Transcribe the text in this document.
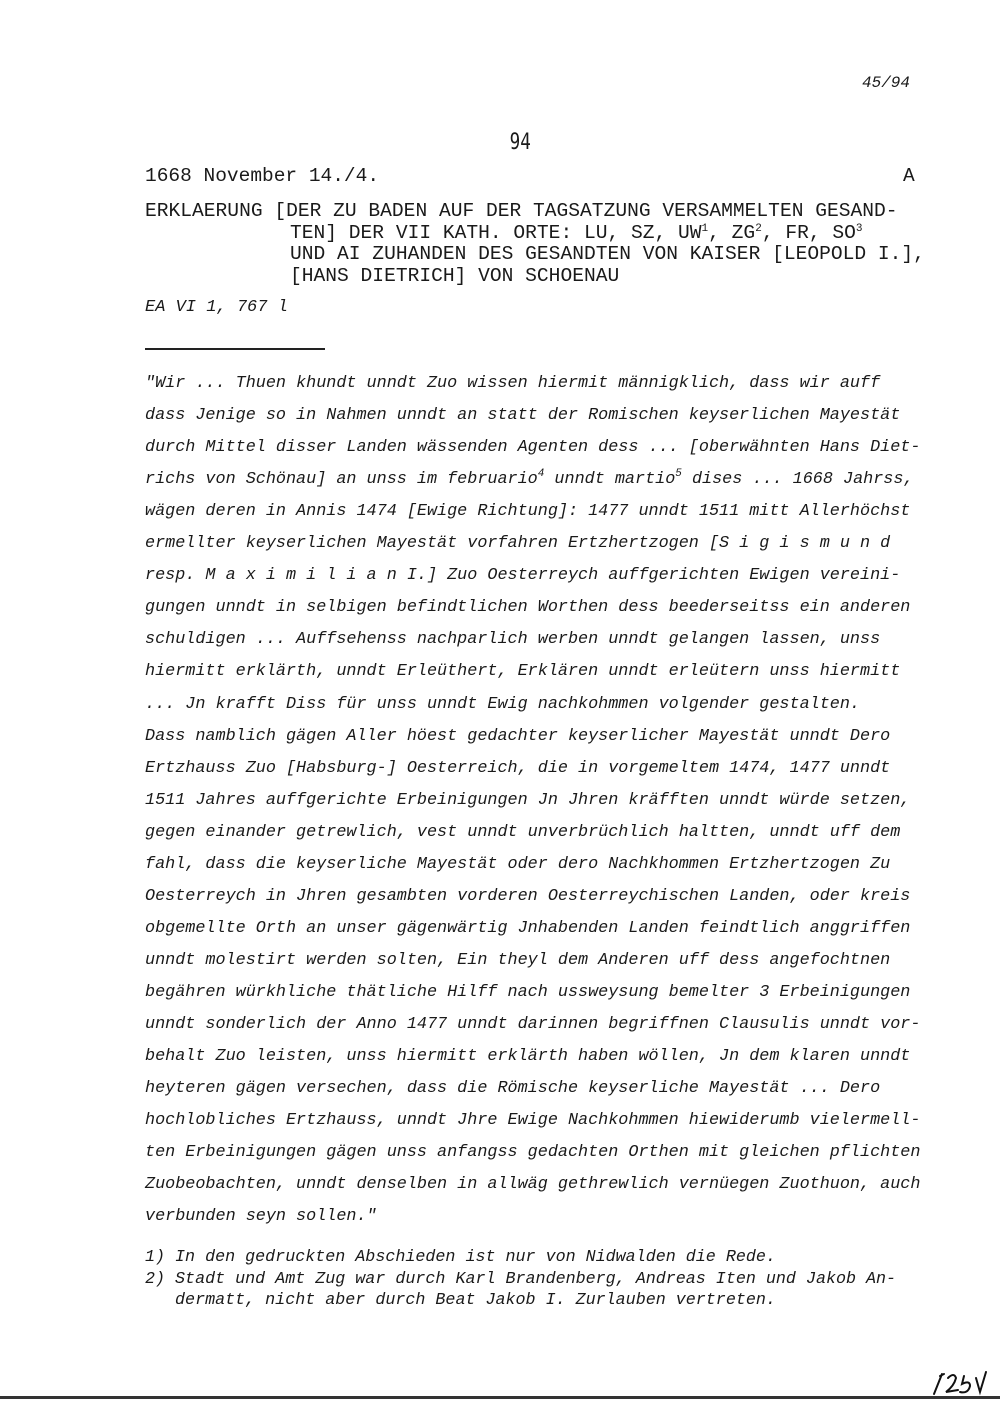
45/94
94
1668 November 14./4.	A
ERKLAERUNG [DER ZU BADEN AUF DER TAGSATZUNG VERSAMMELTEN GESAND-
TEN] DER VII KATH. ORTE: LU, SZ, $UW^1$, $ZG^2$, FR, $SO^3$
UND AI ZUHANDEN DES GESANDTEN VON KAISER [LEOPOLD I.],
[HANS DIETRICH] VON SCHOENAU
EA VI 1, 767 l
"Wir ... Thuen khundt unndt Zuo wissen hiermit männigklich, dass wir auff
dass Jenige so in Nahmen unndt an statt der Romischen keyserlichen Mayestät
durch Mittel disser Landen wässenden Agenten dess ... [oberwähnten Hans Diet-
richs von Schönau] an unss im februario$^4$ unndt martio$^5$ dises ... 1668 Jahrss,
wägen deren in Annis 1474 [Ewige Richtung]: 1477 unndt 1511 mitt Allerhöchst
ermellter keyserlichen Mayestät vorfahren Ertzhertzogen [S i g i s m u n d
resp. M a x i m i l i a n I.] Zuo Oesterreych auffgerichten Ewigen vereini-
gungen unndt in selbigen befindtlichen Worthen dess beederseitss ein anderen
schuldigen ... Auffsehenss nachparlich werben unndt gelangen lassen, unss
hiermitt erklärth, unndt Erleüthert, Erklären unndt erleütern unss hiermitt
... Jn krafft Diss für unss unndt Ewig nachkohmmen volgender gestalten.
Dass namblich gägen Aller höest gedachter keyserlicher Mayestät unndt Dero
Ertzhauss Zuo [Habsburg-] Oesterreich, die in vorgemeltem 1474, 1477 unndt
1511 Jahres auffgerichte Erbeinigungen Jn Jhren kräfften unndt würde setzen,
gegen einander getrewlich, vest unndt unverbrüchlich haltten, unndt uff dem
fahl, dass die keyserliche Mayestät oder dero Nachkhommen Ertzhertzogen Zu
Oesterreych in Jhren gesambten vorderen Oesterreychischen Landen, oder kreis
obgemellte Orth an unser gägenwärtig Jnhabenden Landen feindtlich anggriffen
unndt molestirt werden solten, Ein theyl dem Anderen uff dess angefochtnen
begähren würkhliche thätliche Hilff nach ussweysung bemelter 3 Erbeinigungen
unndt sonderlich der Anno 1477 unndt darinnen begriffnen Clausulis unndt vor-
behalt Zuo leisten, unss hiermitt erklärth haben wöllen, Jn dem klaren unndt
heyteren gägen versechen, dass die Römische keyserliche Mayestät ... Dero
hochlobliches Ertzhauss, unndt Jhre Ewige Nachkohmmen hiewiderumb vielermell-
ten Erbeinigungen gägen unss anfangss gedachten Orthen mit gleichen pflichten
Zuobeobachten, unndt denselben in allwäg gethrewlich vernüegen Zuothuon, auch
verbunden seyn sollen."
1) In den gedruckten Abschieden ist nur von Nidwalden die Rede.
2) Stadt und Amt Zug war durch Karl Brandenberg, Andreas Iten und Jakob An-
dermatt, nicht aber durch Beat Jakob I. Zurlauben vertreten.
